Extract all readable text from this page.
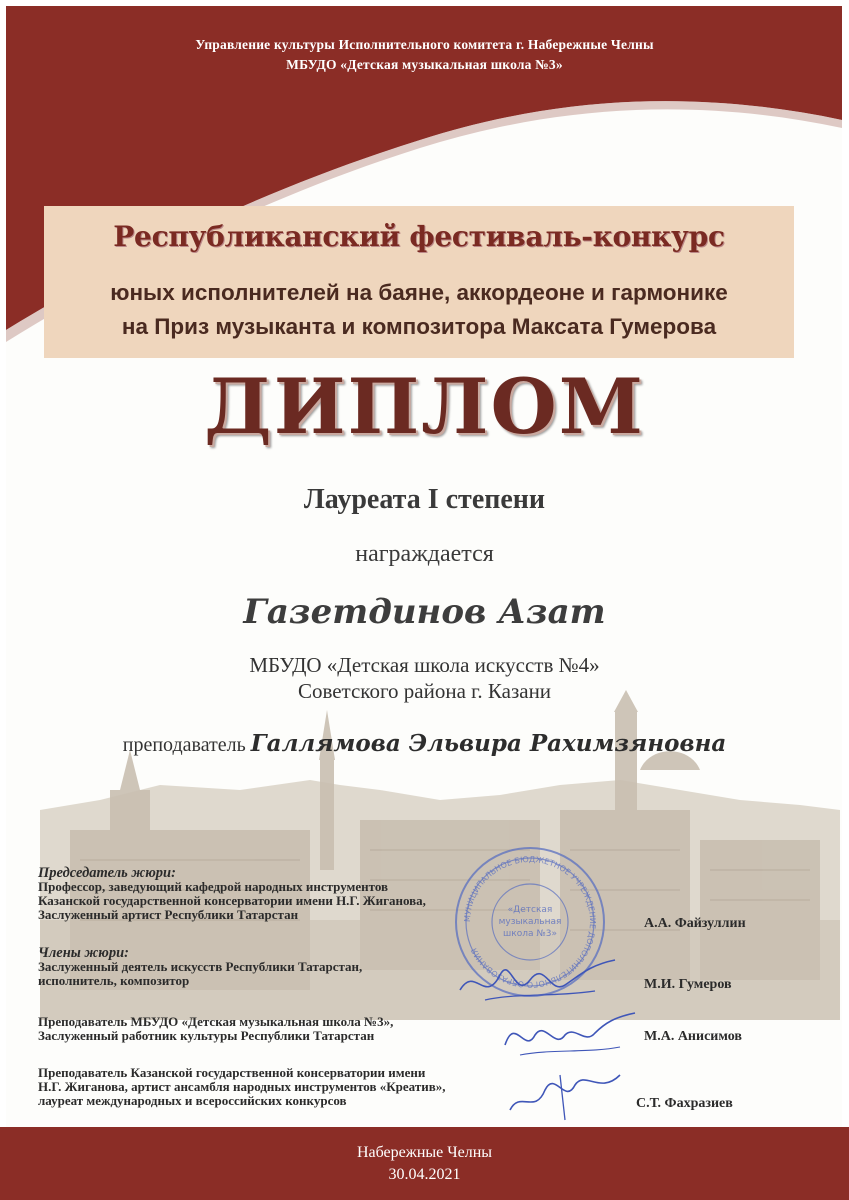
Управление культуры Исполнительного комитета г. Набережные Челны
МБУДО «Детская музыкальная школа №3»
Республиканский фестиваль-конкурс
юных исполнителей на баяне, аккордеоне и гармонике
на Приз музыканта и композитора Максата Гумерова
ДИПЛОМ
Лауреата I степени
награждается
Газетдинов Азат
МБУДО «Детская школа искусств №4»
Советского района г. Казани
преподаватель Галлямова Эльвира Рахимзяновна
Председатель жюри:
Профессор, заведующий кафедрой народных инструментов
Казанской государственной консерватории имени Н.Г. Жиганова,
Заслуженный артист Республики Татарстан
А.А. Файзуллин
Члены жюри:
Заслуженный деятель искусств Республики Татарстан,
исполнитель, композитор	М.И. Гумеров
Преподаватель МБУДО «Детская музыкальная школа №3»,
Заслуженный работник культуры Республики Татарстан	М.А. Анисимов
Преподаватель Казанской государственной консерватории имени
Н.Г. Жиганова, артист ансамбля народных инструментов «Креатив»,
лауреат международных и всероссийских конкурсов	С.Т. Фахразиев
МУНИЦИПАЛЬНОЕ БЮДЖЕТНОЕ УЧРЕЖДЕНИЕ ДОПОЛНИТЕЛЬНОГО ОБРАЗОВАНИЯ
«Детская
музыкальная
школа №3»
Набережные Челны
30.04.2021
